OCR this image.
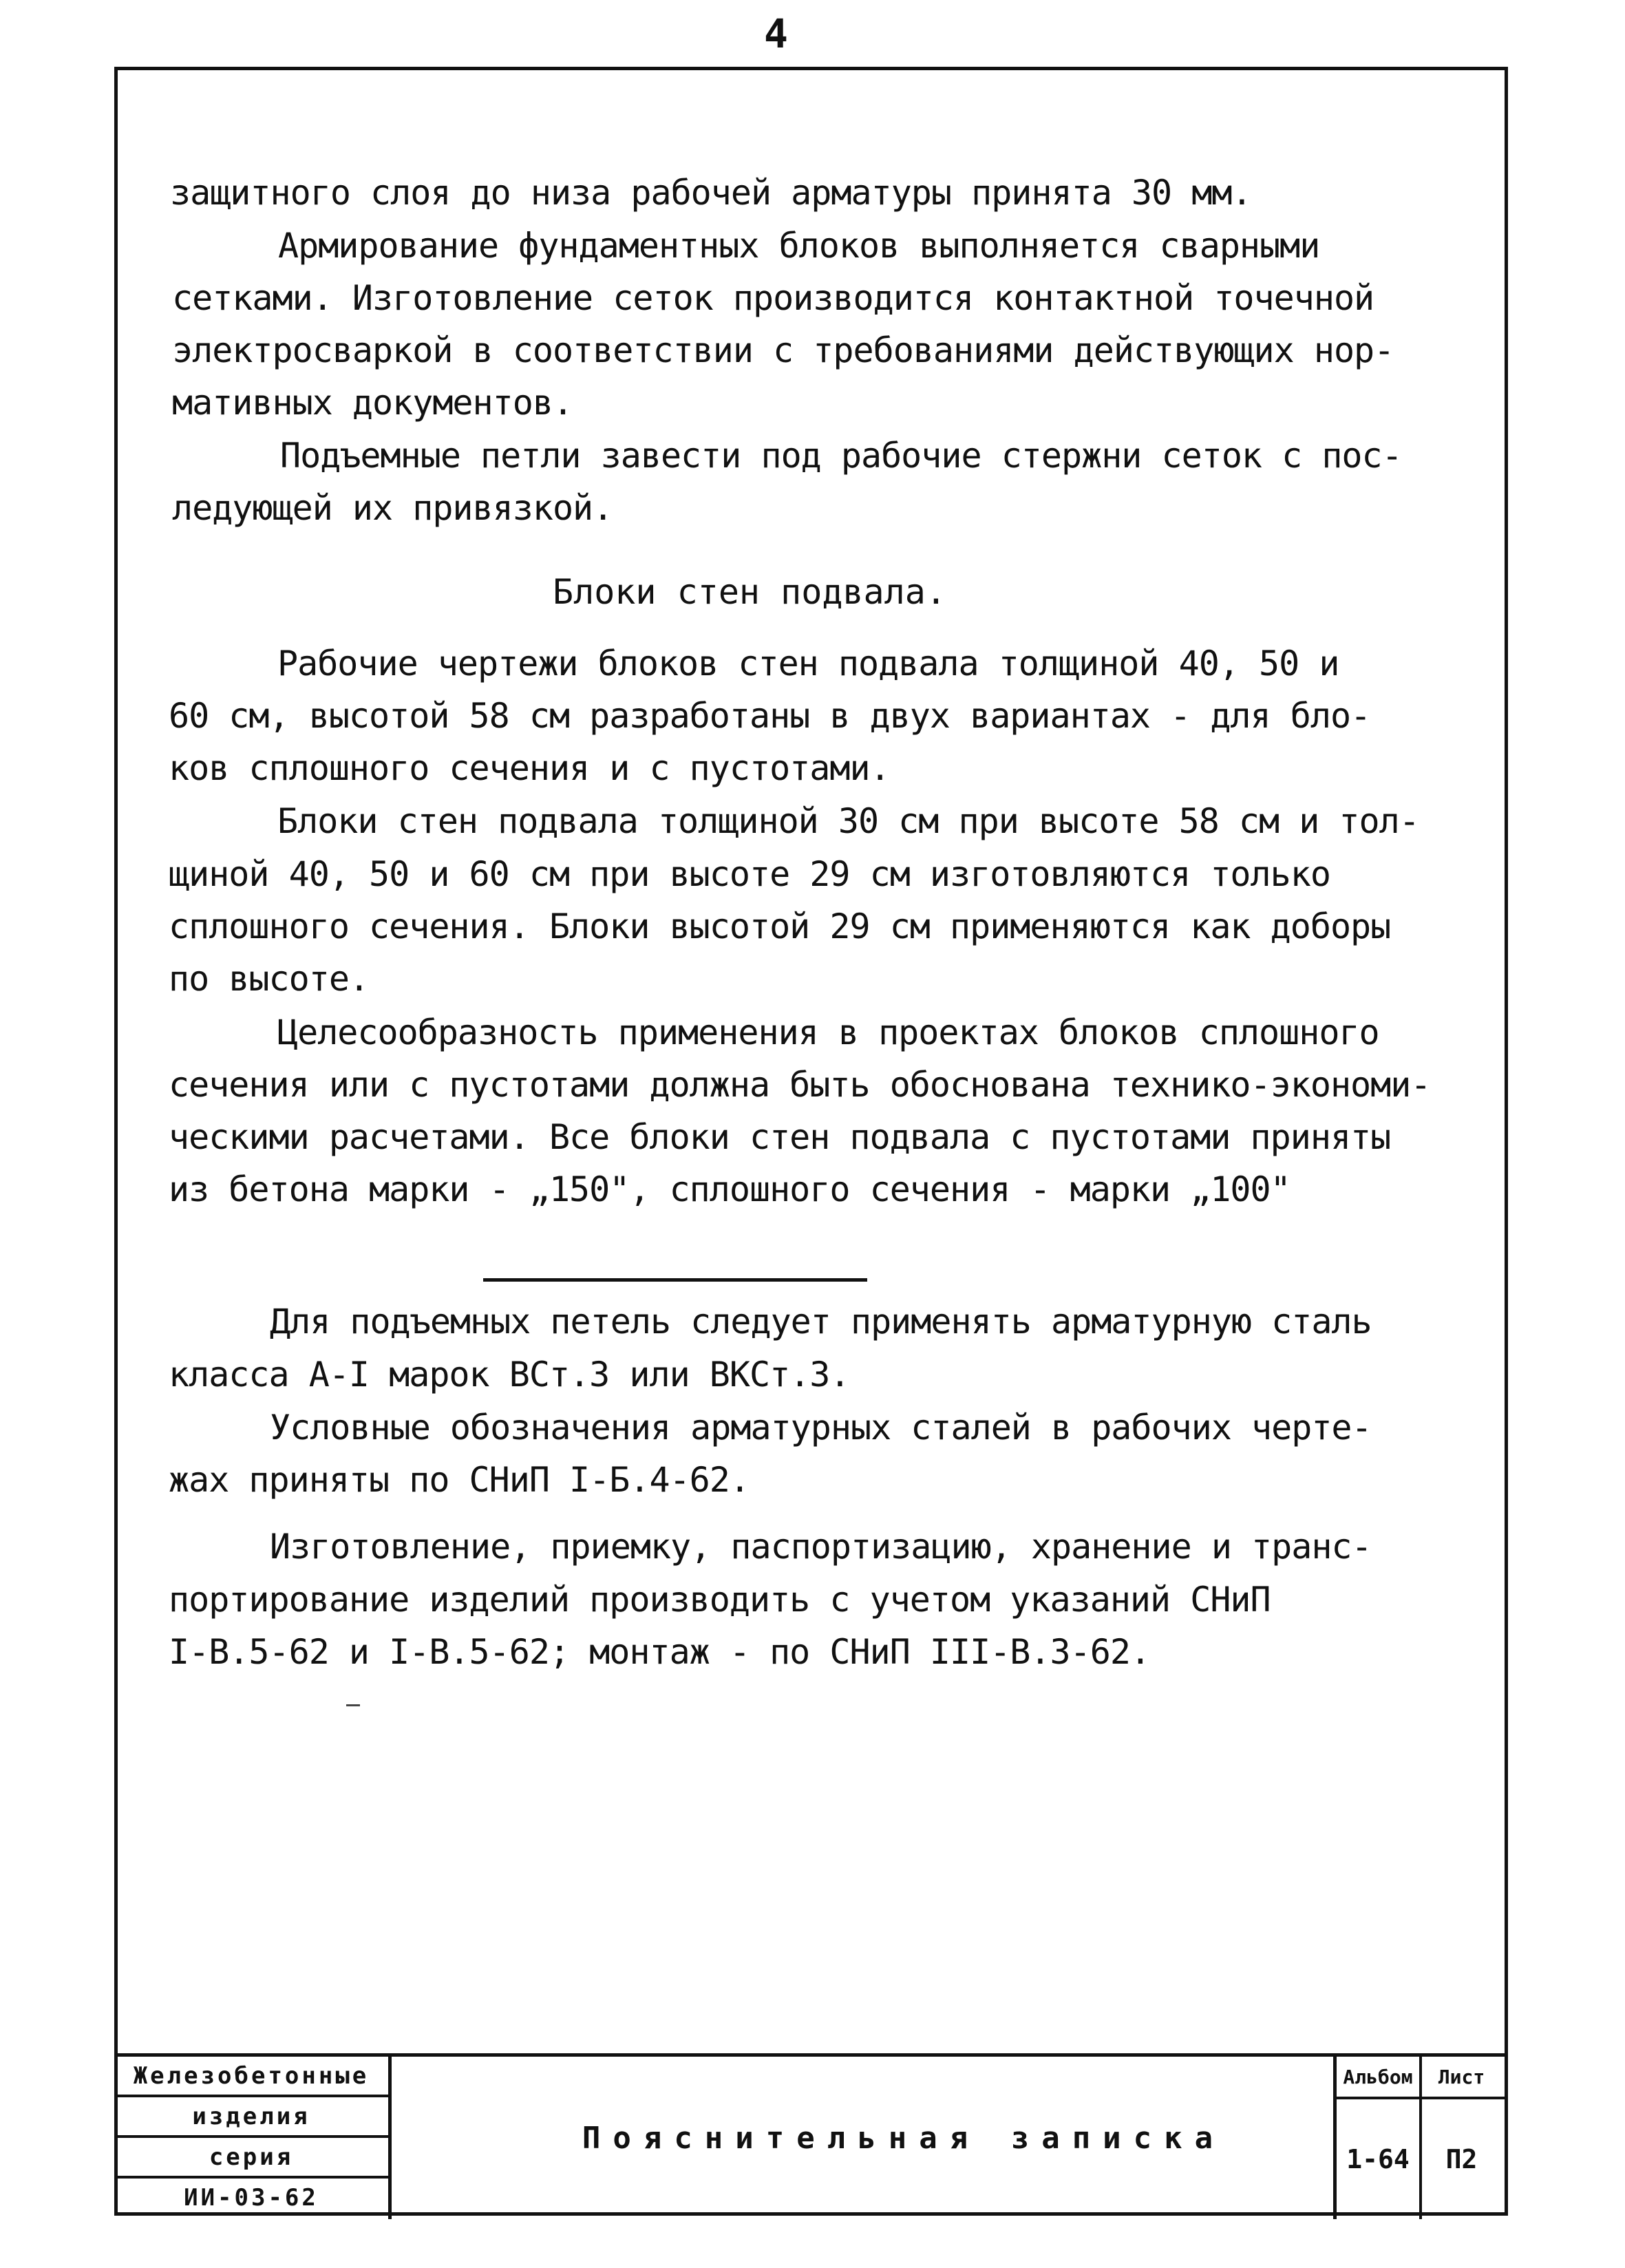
4
защитного слоя до низа рабочей арматуры принята 30 мм.
Армирование фундаментных блоков выполняется сварными
сетками. Изготовление сеток производится контактной точечной
электросваркой в соответствии с требованиями действующих нор-
мативных документов.
Подъемные петли завести под рабочие стержни сеток с пос-
ледующей их привязкой.
Блоки стен подвала.
Рабочие чертежи блоков стен подвала толщиной 40, 50 и
60 см, высотой 58 см разработаны в двух вариантах - для бло-
ков сплошного сечения и с пустотами.
Блоки стен подвала толщиной 30 см при высоте 58 см и тол-
щиной 40, 50 и 60 см при высоте 29 см изготовляются только
сплошного сечения. Блоки высотой 29 см применяются как доборы
по высоте.
Целесообразность применения в проектах блоков сплошного
сечения или с пустотами должна быть обоснована технико-экономи-
ческими расчетами. Все блоки стен подвала с пустотами приняты
из бетона марки - „150", сплошного сечения - марки „100"
Для подъемных петель следует применять арматурную сталь
класса А-I марок ВСт.3 или ВКСт.3.
Условные обозначения арматурных сталей в рабочих черте-
жах приняты по СНиП I-Б.4-62.
Изготовление, приемку, паспортизацию, хранение и транс-
портирование изделий производить с учетом указаний СНиП
I-В.5-62 и I-В.5-62; монтаж - по СНиП III-В.3-62.
Железобетонные
изделия
серия
ИИ-03-62
Пояснительная записка
Альбом
1-64
Лист
П2
